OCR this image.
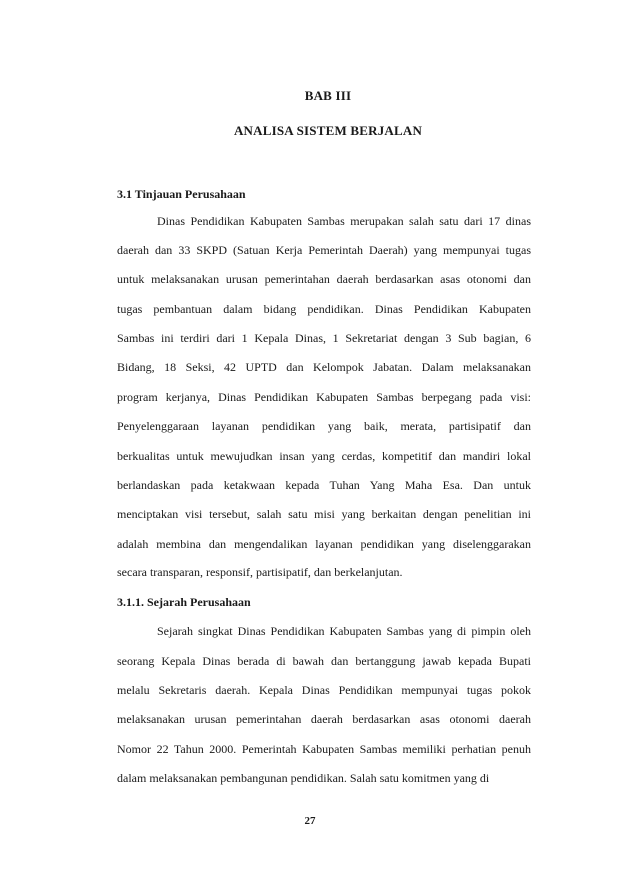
BAB III
ANALISA SISTEM BERJALAN
3.1 Tinjauan Perusahaan
Dinas Pendidikan Kabupaten Sambas merupakan salah satu dari 17 dinas
daerah dan 33 SKPD (Satuan Kerja Pemerintah Daerah) yang mempunyai tugas
untuk melaksanakan urusan pemerintahan daerah berdasarkan asas otonomi dan
tugas pembantuan dalam bidang pendidikan. Dinas Pendidikan Kabupaten
Sambas ini terdiri dari 1 Kepala Dinas, 1 Sekretariat dengan 3 Sub bagian, 6
Bidang, 18 Seksi, 42 UPTD dan Kelompok Jabatan. Dalam melaksanakan
program kerjanya, Dinas Pendidikan Kabupaten Sambas berpegang pada visi:
Penyelenggaraan layanan pendidikan yang baik, merata, partisipatif dan
berkualitas untuk mewujudkan insan yang cerdas, kompetitif dan mandiri lokal
berlandaskan pada ketakwaan kepada Tuhan Yang Maha Esa. Dan untuk
menciptakan visi tersebut, salah satu misi yang berkaitan dengan penelitian ini
adalah membina dan mengendalikan layanan pendidikan yang diselenggarakan
secara transparan, responsif, partisipatif, dan berkelanjutan.
3.1.1. Sejarah Perusahaan
Sejarah singkat Dinas Pendidikan Kabupaten Sambas yang di pimpin oleh
seorang Kepala Dinas berada di bawah dan bertanggung jawab kepada Bupati
melalu Sekretaris daerah. Kepala Dinas Pendidikan mempunyai tugas pokok
melaksanakan urusan pemerintahan daerah berdasarkan asas otonomi daerah
Nomor 22 Tahun 2000. Pemerintah Kabupaten Sambas memiliki perhatian penuh
dalam melaksanakan pembangunan pendidikan. Salah satu komitmen yang di
27
